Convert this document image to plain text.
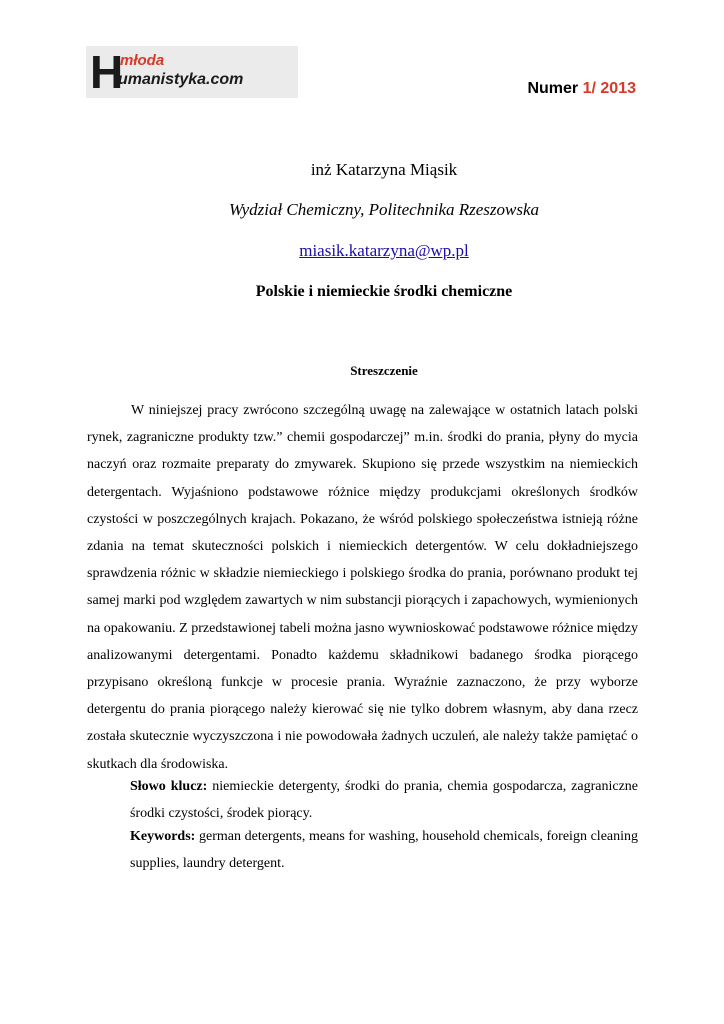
H
młoda
umanistyka.com
Numer 1/ 2013
inż Katarzyna Miąsik
Wydział Chemiczny, Politechnika Rzeszowska
miasik.katarzyna@wp.pl
Polskie i niemieckie środki chemiczne
Streszczenie

W niniejszej pracy zwrócono szczególną uwagę na zalewające w ostatnich latach polski rynek, zagraniczne produkty tzw.” chemii gospodarczej” m.in. środki do prania, płyny do mycia naczyń oraz rozmaite preparaty do zmywarek. Skupiono się przede wszystkim na niemieckich detergentach. Wyjaśniono podstawowe różnice między produkcjami określonych środków czystości w poszczególnych krajach. Pokazano, że wśród polskiego społeczeństwa istnieją różne zdania na temat skuteczności polskich i niemieckich detergentów. W celu dokładniejszego sprawdzenia różnic w składzie niemieckiego i polskiego środka do prania, porównano produkt tej samej marki pod względem zawartych w nim substancji piorących i zapachowych, wymienionych na opakowaniu. Z przedstawionej tabeli można jasno wywnioskować podstawowe różnice między analizowanymi detergentami. Ponadto każdemu składnikowi badanego środka piorącego przypisano określoną funkcje w procesie prania. Wyraźnie zaznaczono, że przy wyborze detergentu do prania piorącego należy kierować się nie tylko dobrem własnym, aby dana rzecz została skutecznie wyczyszczona i nie powodowała żadnych uczuleń, ale należy także pamiętać o skutkach dla środowiska.

Słowo klucz: niemieckie detergenty, środki do prania, chemia gospodarcza, zagraniczne środki czystości, środek piorący.

Keywords: german detergents, means for washing, household chemicals, foreign cleaning supplies, laundry detergent.
